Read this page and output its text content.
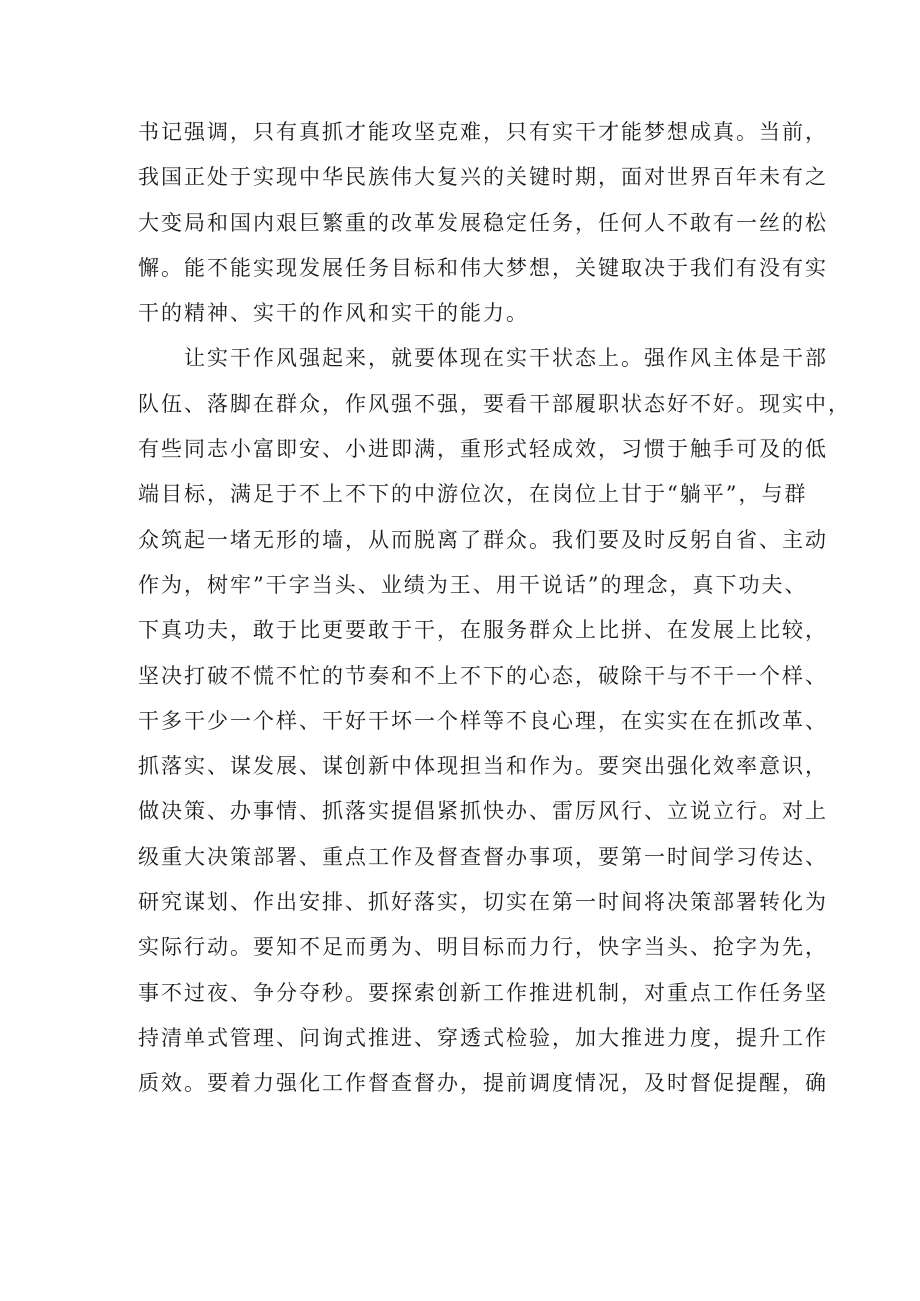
书记强调，只有真抓才能攻坚克难，只有实干才能梦想成真。当前，
我国正处于实现中华民族伟大复兴的关键时期，面对世界百年未有之
大变局和国内艰巨繁重的改革发展稳定任务，任何人不敢有一丝的松
懈。能不能实现发展任务目标和伟大梦想，关键取决于我们有没有实
干的精神、实干的作风和实干的能力。
让实干作风强起来，就要体现在实干状态上。强作风主体是干部
队伍、落脚在群众，作风强不强，要看干部履职状态好不好。现实中，
有些同志小富即安、小进即满，重形式轻成效，习惯于触手可及的低
端目标，满足于不上不下的中游位次，在岗位上甘于“躺平”，与群
众筑起一堵无形的墙，从而脱离了群众。我们要及时反躬自省、主动
作为，树牢”干字当头、业绩为王、用干说话”的理念，真下功夫、
下真功夫，敢于比更要敢于干，在服务群众上比拼、在发展上比较，
坚决打破不慌不忙的节奏和不上不下的心态，破除干与不干一个样、
干多干少一个样、干好干坏一个样等不良心理，在实实在在抓改革、
抓落实、谋发展、谋创新中体现担当和作为。要突出强化效率意识，
做决策、办事情、抓落实提倡紧抓快办、雷厉风行、立说立行。对上
级重大决策部署、重点工作及督查督办事项，要第一时间学习传达、
研究谋划、作出安排、抓好落实，切实在第一时间将决策部署转化为
实际行动。要知不足而勇为、明目标而力行，快字当头、抢字为先，
事不过夜、争分夺秒。要探索创新工作推进机制，对重点工作任务坚
持清单式管理、问询式推进、穿透式检验，加大推进力度，提升工作
质效。要着力强化工作督查督办，提前调度情况，及时督促提醒，确
